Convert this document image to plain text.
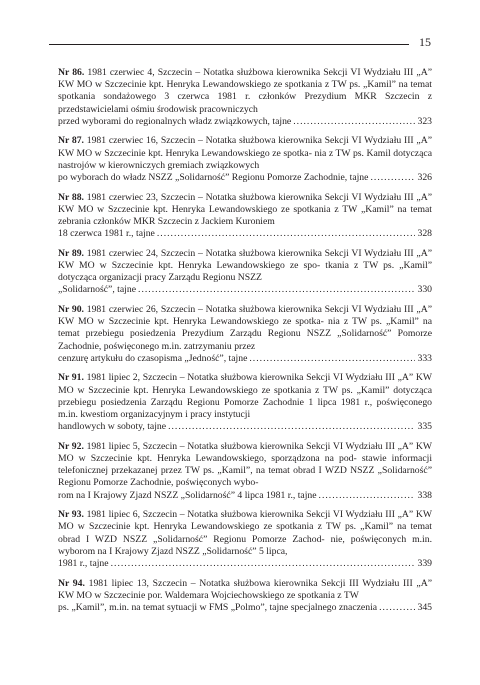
15
Nr 86. 1981 czerwiec 4, Szczecin – Notatka służbowa kierownika Sekcji VI Wydziału III „A” KW MO w Szczecinie kpt. Henryka Lewandowskiego ze spotkania z TW ps. „Kamil” na temat spotkania sondażowego 3 czerwca 1981 r. członków Prezydium MKR Szczecin z przedstawicielami ośmiu środowisk pracowniczych
przed wyborami do regionalnych władz związkowych, tajne .....	323
Nr 87. 1981 czerwiec 16, Szczecin – Notatka służbowa kierownika Sekcji VI Wydziału III „A” KW MO w Szczecinie kpt. Henryka Lewandowskiego ze spotka- nia z TW ps. Kamil dotycząca nastrojów w kierowniczych gremiach związkowych
po wyborach do władz NSZZ „Solidarność” Regionu Pomorze Zachodnie, tajne .....	326
Nr 88. 1981 czerwiec 23, Szczecin – Notatka służbowa kierownika Sekcji VI Wydziału III „A” KW MO w Szczecinie kpt. Henryka Lewandowskiego ze spotkania z TW „Kamil” na temat zebrania członków MKR Szczecin z Jackiem Kuroniem
18 czerwca 1981 r., tajne .....	328
Nr 89. 1981 czerwiec 24, Szczecin – Notatka służbowa kierownika Sekcji VI Wydziału III „A” KW MO w Szczecinie kpt. Henryka Lewandowskiego ze spo- tkania z TW ps. „Kamil” dotycząca organizacji pracy Zarządu Regionu NSZZ
„Solidarność”, tajne .....	330
Nr 90. 1981 czerwiec 26, Szczecin – Notatka służbowa kierownika Sekcji VI Wydziału III „A” KW MO w Szczecinie kpt. Henryka Lewandowskiego ze spotka- nia z TW ps. „Kamil” na temat przebiegu posiedzenia Prezydium Zarządu Regionu NSZZ „Solidarność” Pomorze Zachodnie, poświęconego m.in. zatrzymaniu przez
cenzurę artykułu do czasopisma „Jedność”, tajne .....	333
Nr 91. 1981 lipiec 2, Szczecin – Notatka służbowa kierownika Sekcji VI Wydziału III „A” KW MO w Szczecinie kpt. Henryka Lewandowskiego ze spotkania z TW ps. „Kamil” dotycząca przebiegu posiedzenia Zarządu Regionu Pomorze Zachodnie 1 lipca 1981 r., poświęconego m.in. kwestiom organizacyjnym i pracy instytucji
handlowych w soboty, tajne .....	335
Nr 92. 1981 lipiec 5, Szczecin – Notatka służbowa kierownika Sekcji VI Wydziału III „A” KW MO w Szczecinie kpt. Henryka Lewandowskiego, sporządzona na pod- stawie informacji telefonicznej przekazanej przez TW ps. „Kamil”, na temat obrad I WZD NSZZ „Solidarność” Regionu Pomorze Zachodnie, poświęconych wybo-
rom na I Krajowy Zjazd NSZZ „Solidarność” 4 lipca 1981 r., tajne .....	338
Nr 93. 1981 lipiec 6, Szczecin – Notatka służbowa kierownika Sekcji VI Wydziału III „A” KW MO w Szczecinie kpt. Henryka Lewandowskiego ze spotkania z TW ps. „Kamil” na temat obrad I WZD NSZZ „Solidarność” Regionu Pomorze Zachod- nie, poświęconych m.in. wyborom na I Krajowy Zjazd NSZZ „Solidarność” 5 lipca,
1981 r., tajne .....	339
Nr 94. 1981 lipiec 13, Szczecin – Notatka służbowa kierownika Sekcji III Wydziału III „A” KW MO w Szczecinie por. Waldemara Wojciechowskiego ze spotkania z TW
ps. „Kamil”, m.in. na temat sytuacji w FMS „Polmo”, tajne specjalnego znaczenia .....	345
